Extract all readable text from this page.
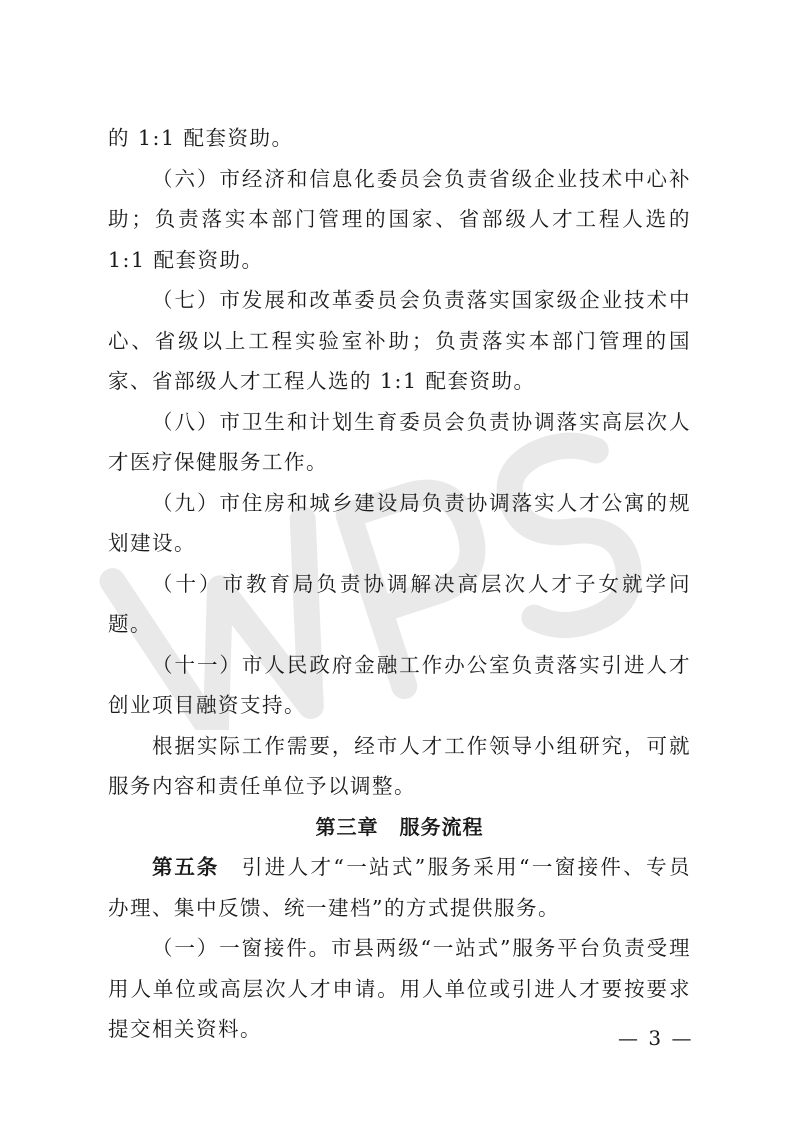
的 1:1 配套资助。

（六）市经济和信息化委员会负责省级企业技术中心补助；负责落实本部门管理的国家、省部级人才工程人选的 1:1 配套资助。

（七）市发展和改革委员会负责落实国家级企业技术中心、省级以上工程实验室补助；负责落实本部门管理的国家、省部级人才工程人选的 1:1 配套资助。

（八）市卫生和计划生育委员会负责协调落实高层次人才医疗保健服务工作。

（九）市住房和城乡建设局负责协调落实人才公寓的规划建设。

（十）市教育局负责协调解决高层次人才子女就学问题。

（十一）市人民政府金融工作办公室负责落实引进人才创业项目融资支持。

根据实际工作需要，经市人才工作领导小组研究，可就服务内容和责任单位予以调整。

第三章　服务流程

第五条　引进人才“一站式”服务采用“一窗接件、专员办理、集中反馈、统一建档”的方式提供服务。

（一）一窗接件。市县两级“一站式”服务平台负责受理用人单位或高层次人才申请。用人单位或引进人才要按要求提交相关资料。	— 3 —
